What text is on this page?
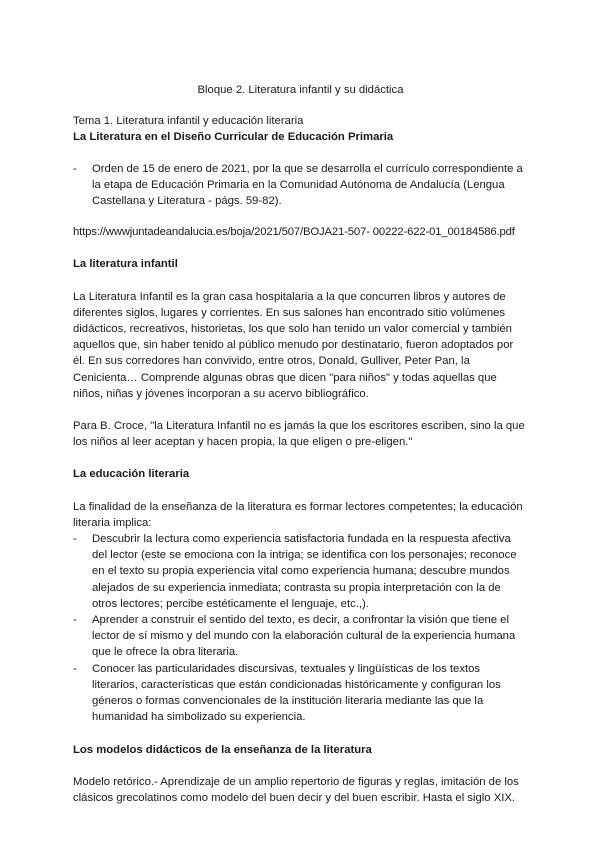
Bloque 2. Literatura infantil y su didáctica
Tema 1. Literatura infantil y educación literaria
La Literatura en el Diseño Curricular de Educación Primaria
- Orden de 15 de enero de 2021, por la que se desarrolla el currículo correspondiente a la etapa de Educación Primaria en la Comunidad Autónoma de Andalucía (Lengua Castellana y Literatura - págs. 59-82).
https://wwwjuntadeandalucia.es/boja/2021/507/BOJA21-507- 00222-622-01_00184586.pdf
La literatura infantil
La Literatura Infantil es la gran casa hospitalaria a la que concurren libros y autores de diferentes siglos, lugares y corrientes. En sus salones han encontrado sitio volúmenes didácticos, recreativos, historietas, los que solo han tenido un valor comercial y también aquellos que, sin haber tenido al público menudo por destinatario, fueron adoptados por él. En sus corredores han convivido, entre otros, Donald, Gulliver, Peter Pan, la Cenicienta… Comprende algunas obras que dicen "para niños" y todas aquellas que niños, niñas y jóvenes incorporan a su acervo bibliográfico.
Para B. Croce, "la Literatura Infantil no es jamás la que los escritores escriben, sino la que los niños al leer aceptan y hacen propia, la que eligen o pre-eligen."
La educación literaria
La finalidad de la enseñanza de la literatura es formar lectores competentes; la educación literaria implica:
- Descubrir la lectura como experiencia satisfactoria fundada en la respuesta afectiva del lector (este se emociona con la intriga; se identifica con los personajes; reconoce en el texto su propia experiencia vital como experiencia humana; descubre mundos alejados de su experiencia inmediata; contrasta su propia interpretación con la de otros lectores; percibe estéticamente el lenguaje, etc.,).
- Aprender a construir el sentido del texto, es decir, a confrontar la visión que tiene el lector de sí mismo y del mundo con la elaboración cultural de la experiencia humana que le ofrece la obra literaria.
- Conocer las particularidades discursivas, textuales y lingüísticas de los textos literarios, características que están condicionadas históricamente y configuran los géneros o formas convencionales de la institución literaria mediante las que la humanidad ha simbolizado su experiencia.
Los modelos didácticos de la enseñanza de la literatura
Modelo retórico.- Aprendizaje de un amplio repertorio de figuras y reglas, imitación de los clásicos grecolatinos como modelo del buen decir y del buen escribir. Hasta el siglo XIX.
